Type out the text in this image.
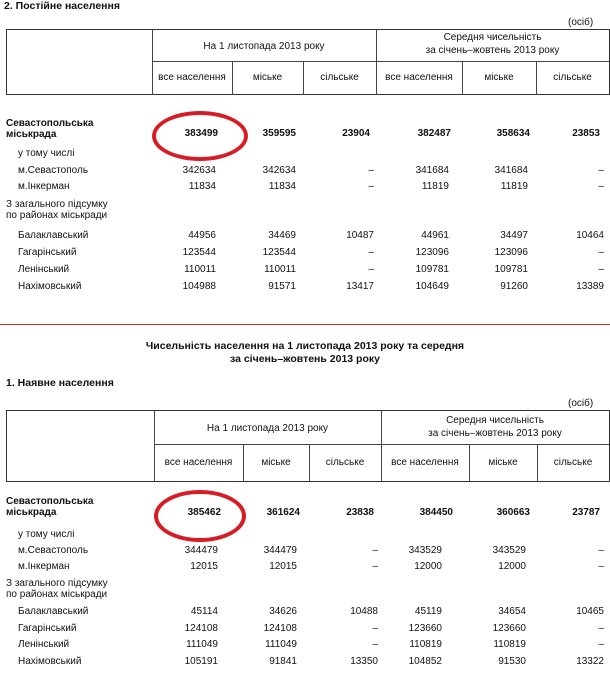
2. Постійне населення
(осіб)
На 1 листопада 2013 року
Середня чисельність
за січень–жовтень 2013 року
все населення	міське	сільське	все населення	міське	сільське
Севастопольська
міськрада	383499	359595	23904	382487	358634	23853
у тому числі
м.Севастополь	342634	342634	–	341684	341684	–
м.Інкерман	11834	11834	–	11819	11819	–
З загального підсумку
по районах міськради
Балаклавський	44956	34469	10487	44961	34497	10464
Гагарінський	123544	123544	–	123096	123096	–
Ленінський	110011	110011	–	109781	109781	–
Нахімовський	104988	91571	13417	104649	91260	13389
Чисельність населення на 1 листопада 2013 року та середня
за січень–жовтень 2013 року
1. Наявне населення
(осіб)
На 1 листопада 2013 року
Середня чисельність
за січень–жовтень 2013 року
все населення	міське	сільське	все населення	міське	сільське
Севастопольська
міськрада	385462	361624	23838	384450	360663	23787
у тому числі
м.Севастополь	344479	344479	–	343529	343529	–
м.Інкерман	12015	12015	–	12000	12000	–
З загального підсумку
по районах міськради
Балаклавський	45114	34626	10488	45119	34654	10465
Гагарінський	124108	124108	–	123660	123660	–
Ленінський	111049	111049	–	110819	110819	–
Нахімовський	105191	91841	13350	104852	91530	13322
